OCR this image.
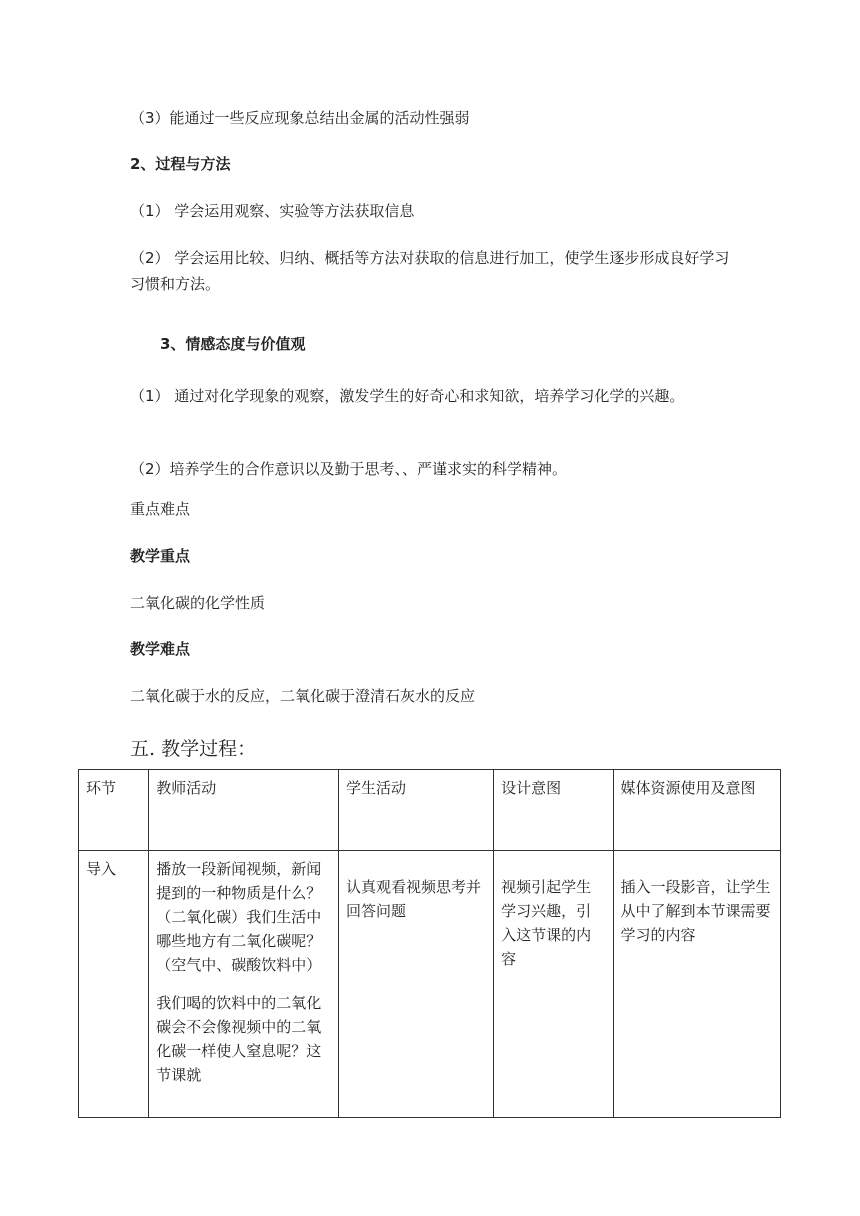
（3）能通过一些反应现象总结出金属的活动性强弱
2、过程与方法
（1） 学会运用观察、实验等方法获取信息
（2） 学会运用比较、归纳、概括等方法对获取的信息进行加工，使学生逐步形成良好学习习惯和方法。
3、情感态度与价值观
（1） 通过对化学现象的观察，激发学生的好奇心和求知欲，培养学习化学的兴趣。
（2）培养学生的合作意识以及勤于思考、、严谨求实的科学精神。
重点难点
教学重点
二氧化碳的化学性质
教学难点
二氧化碳于水的反应，二氧化碳于澄清石灰水的反应
五. 教学过程：
环节	教师活动	学生活动	设计意图	媒体资源使用及意图
导入	播放一段新闻视频，新闻提到的一种物质是什么？ （二氧化碳）我们生活中哪些地方有二氧化碳呢？（空气中、碳酸饮料中）
我们喝的饮料中的二氧化碳会不会像视频中的二氧化碳一样使人窒息呢？这节课就	认真观看视频思考并回答问题	视频引起学生学习兴趣，引入这节课的内容	插入一段影音，让学生从中了解到本节课需要学习的内容
